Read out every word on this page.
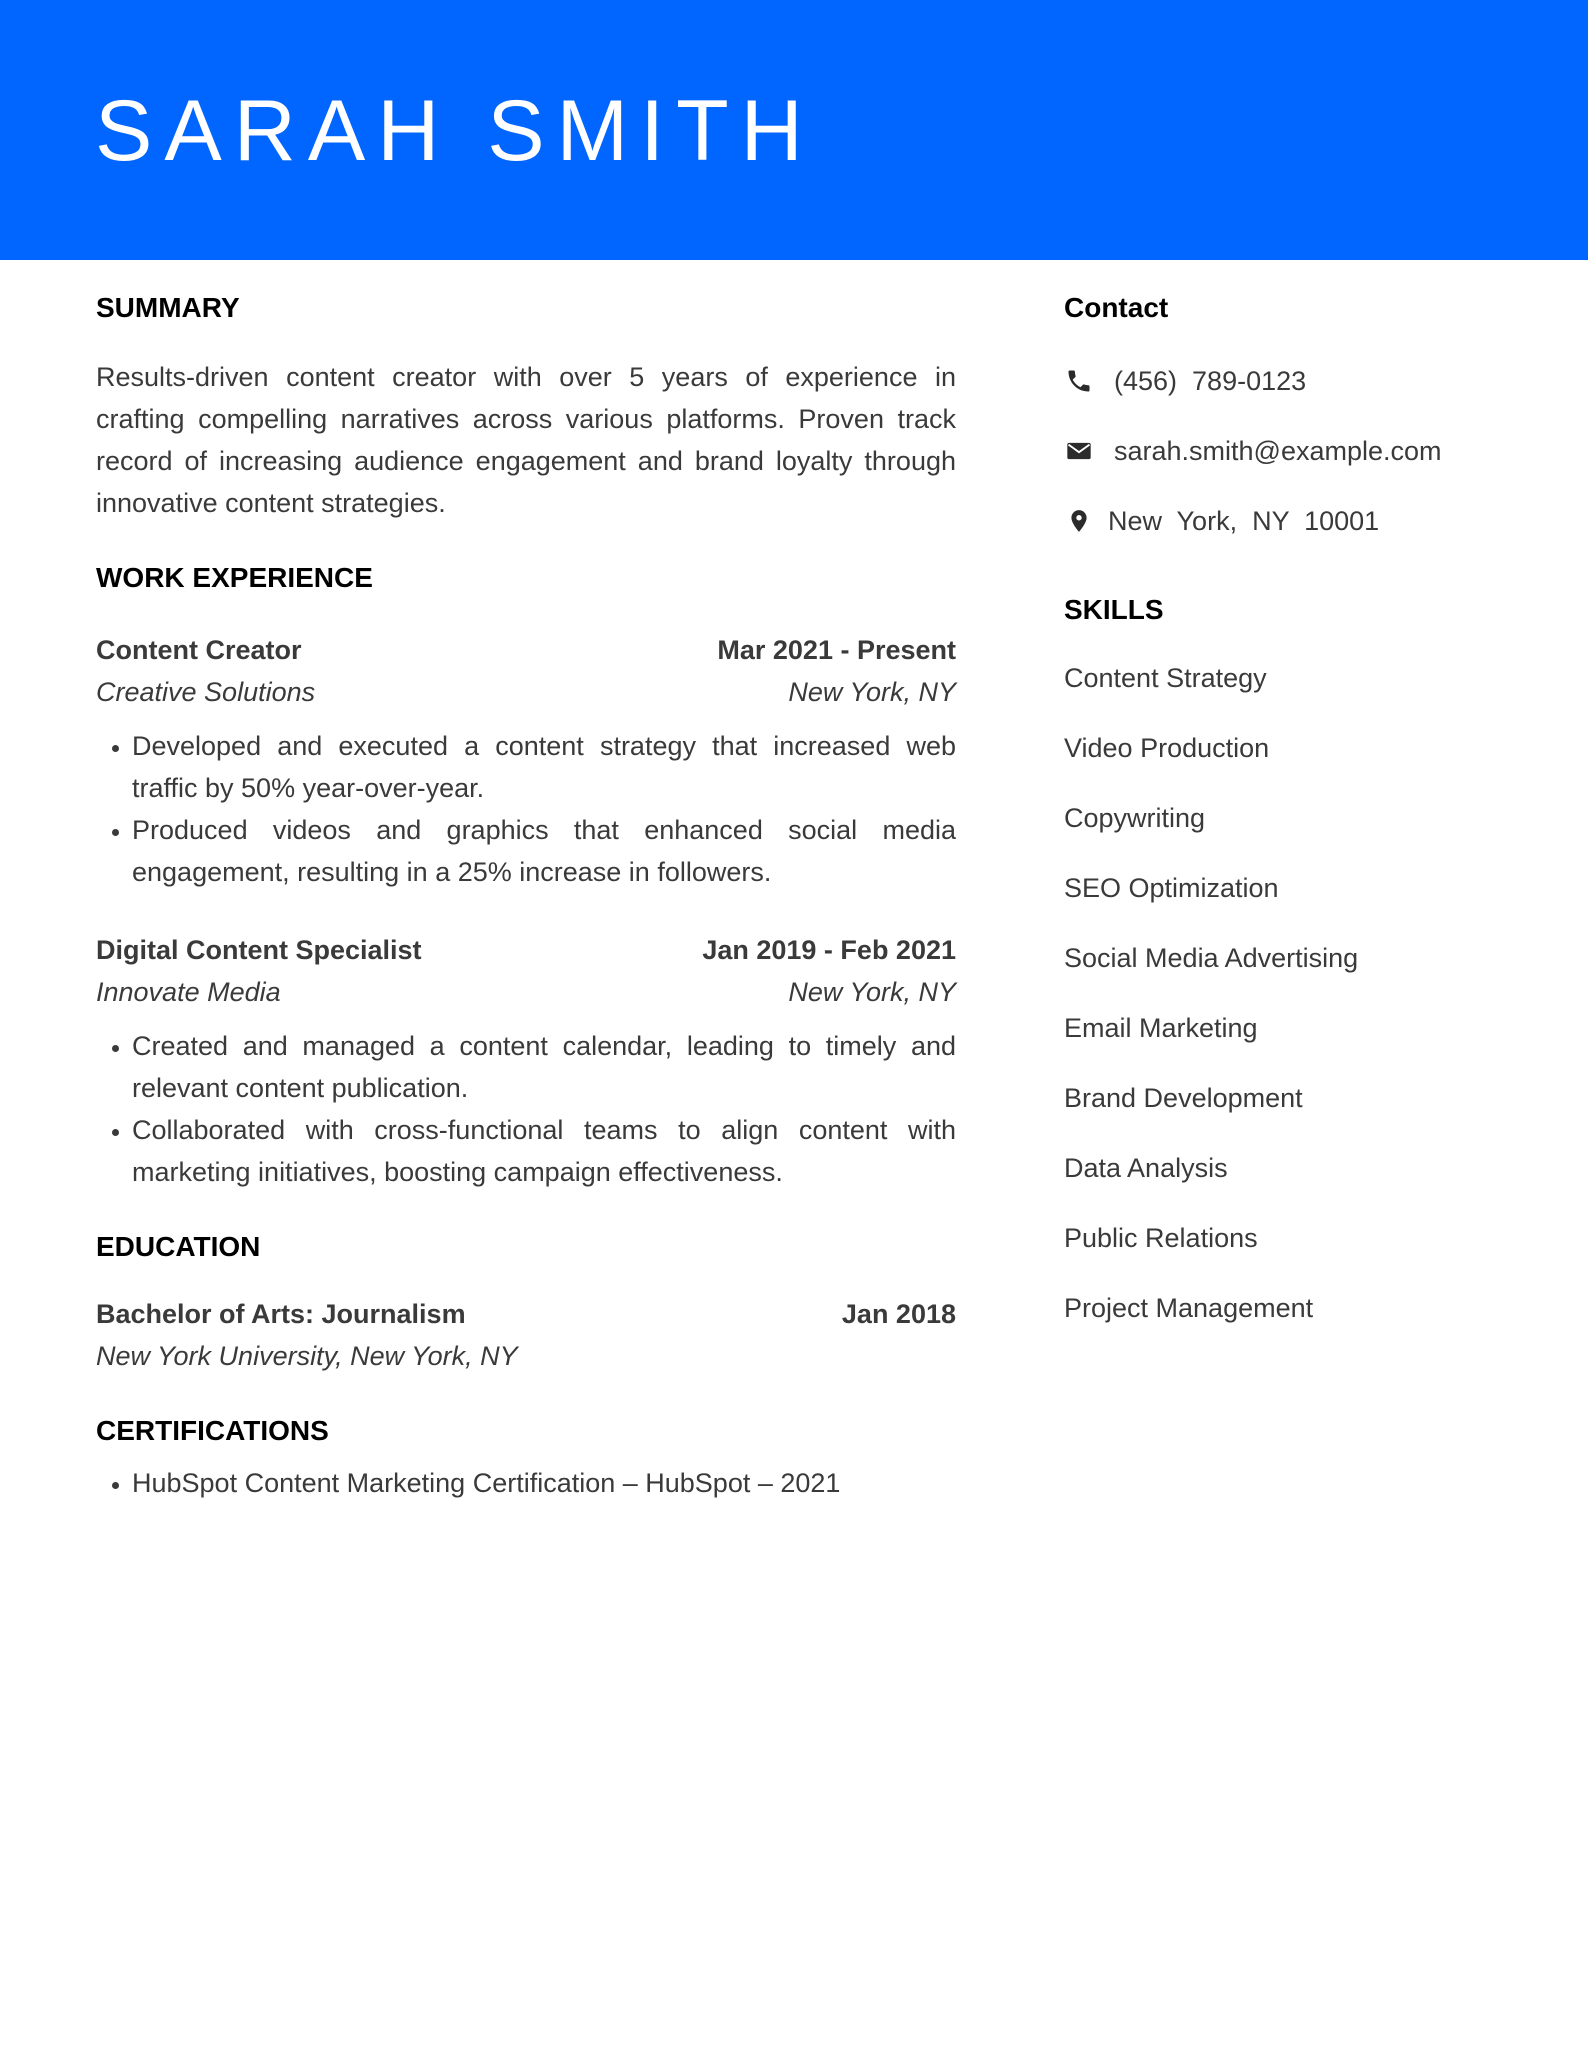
SARAH SMITH
SUMMARY

Results-driven content creator with over 5 years of experience in crafting compelling narratives across various platforms. Proven track record of increasing audience engagement and brand loyalty through innovative content strategies.

WORK EXPERIENCE
Content Creator	Mar 2021 - Present
Creative Solutions	New York, NY
• Developed and executed a content strategy that increased web traffic by 50% year-over-year.
• Produced videos and graphics that enhanced social media engagement, resulting in a 25% increase in followers.
Digital Content Specialist	Jan 2019 - Feb 2021
Innovate Media	New York, NY
• Created and managed a content calendar, leading to timely and relevant content publication.
• Collaborated with cross-functional teams to align content with marketing initiatives, boosting campaign effectiveness.
EDUCATION
Bachelor of Arts: Journalism	Jan 2018
New York University, New York, NY
CERTIFICATIONS
• HubSpot Content Marketing Certification – HubSpot – 2021
Contact
(456)  789-0123
sarah.smith@example.com
New  York,  NY  10001
SKILLS
Content Strategy
Video Production
Copywriting
SEO Optimization
Social Media Advertising
Email Marketing
Brand Development
Data Analysis
Public Relations
Project Management
